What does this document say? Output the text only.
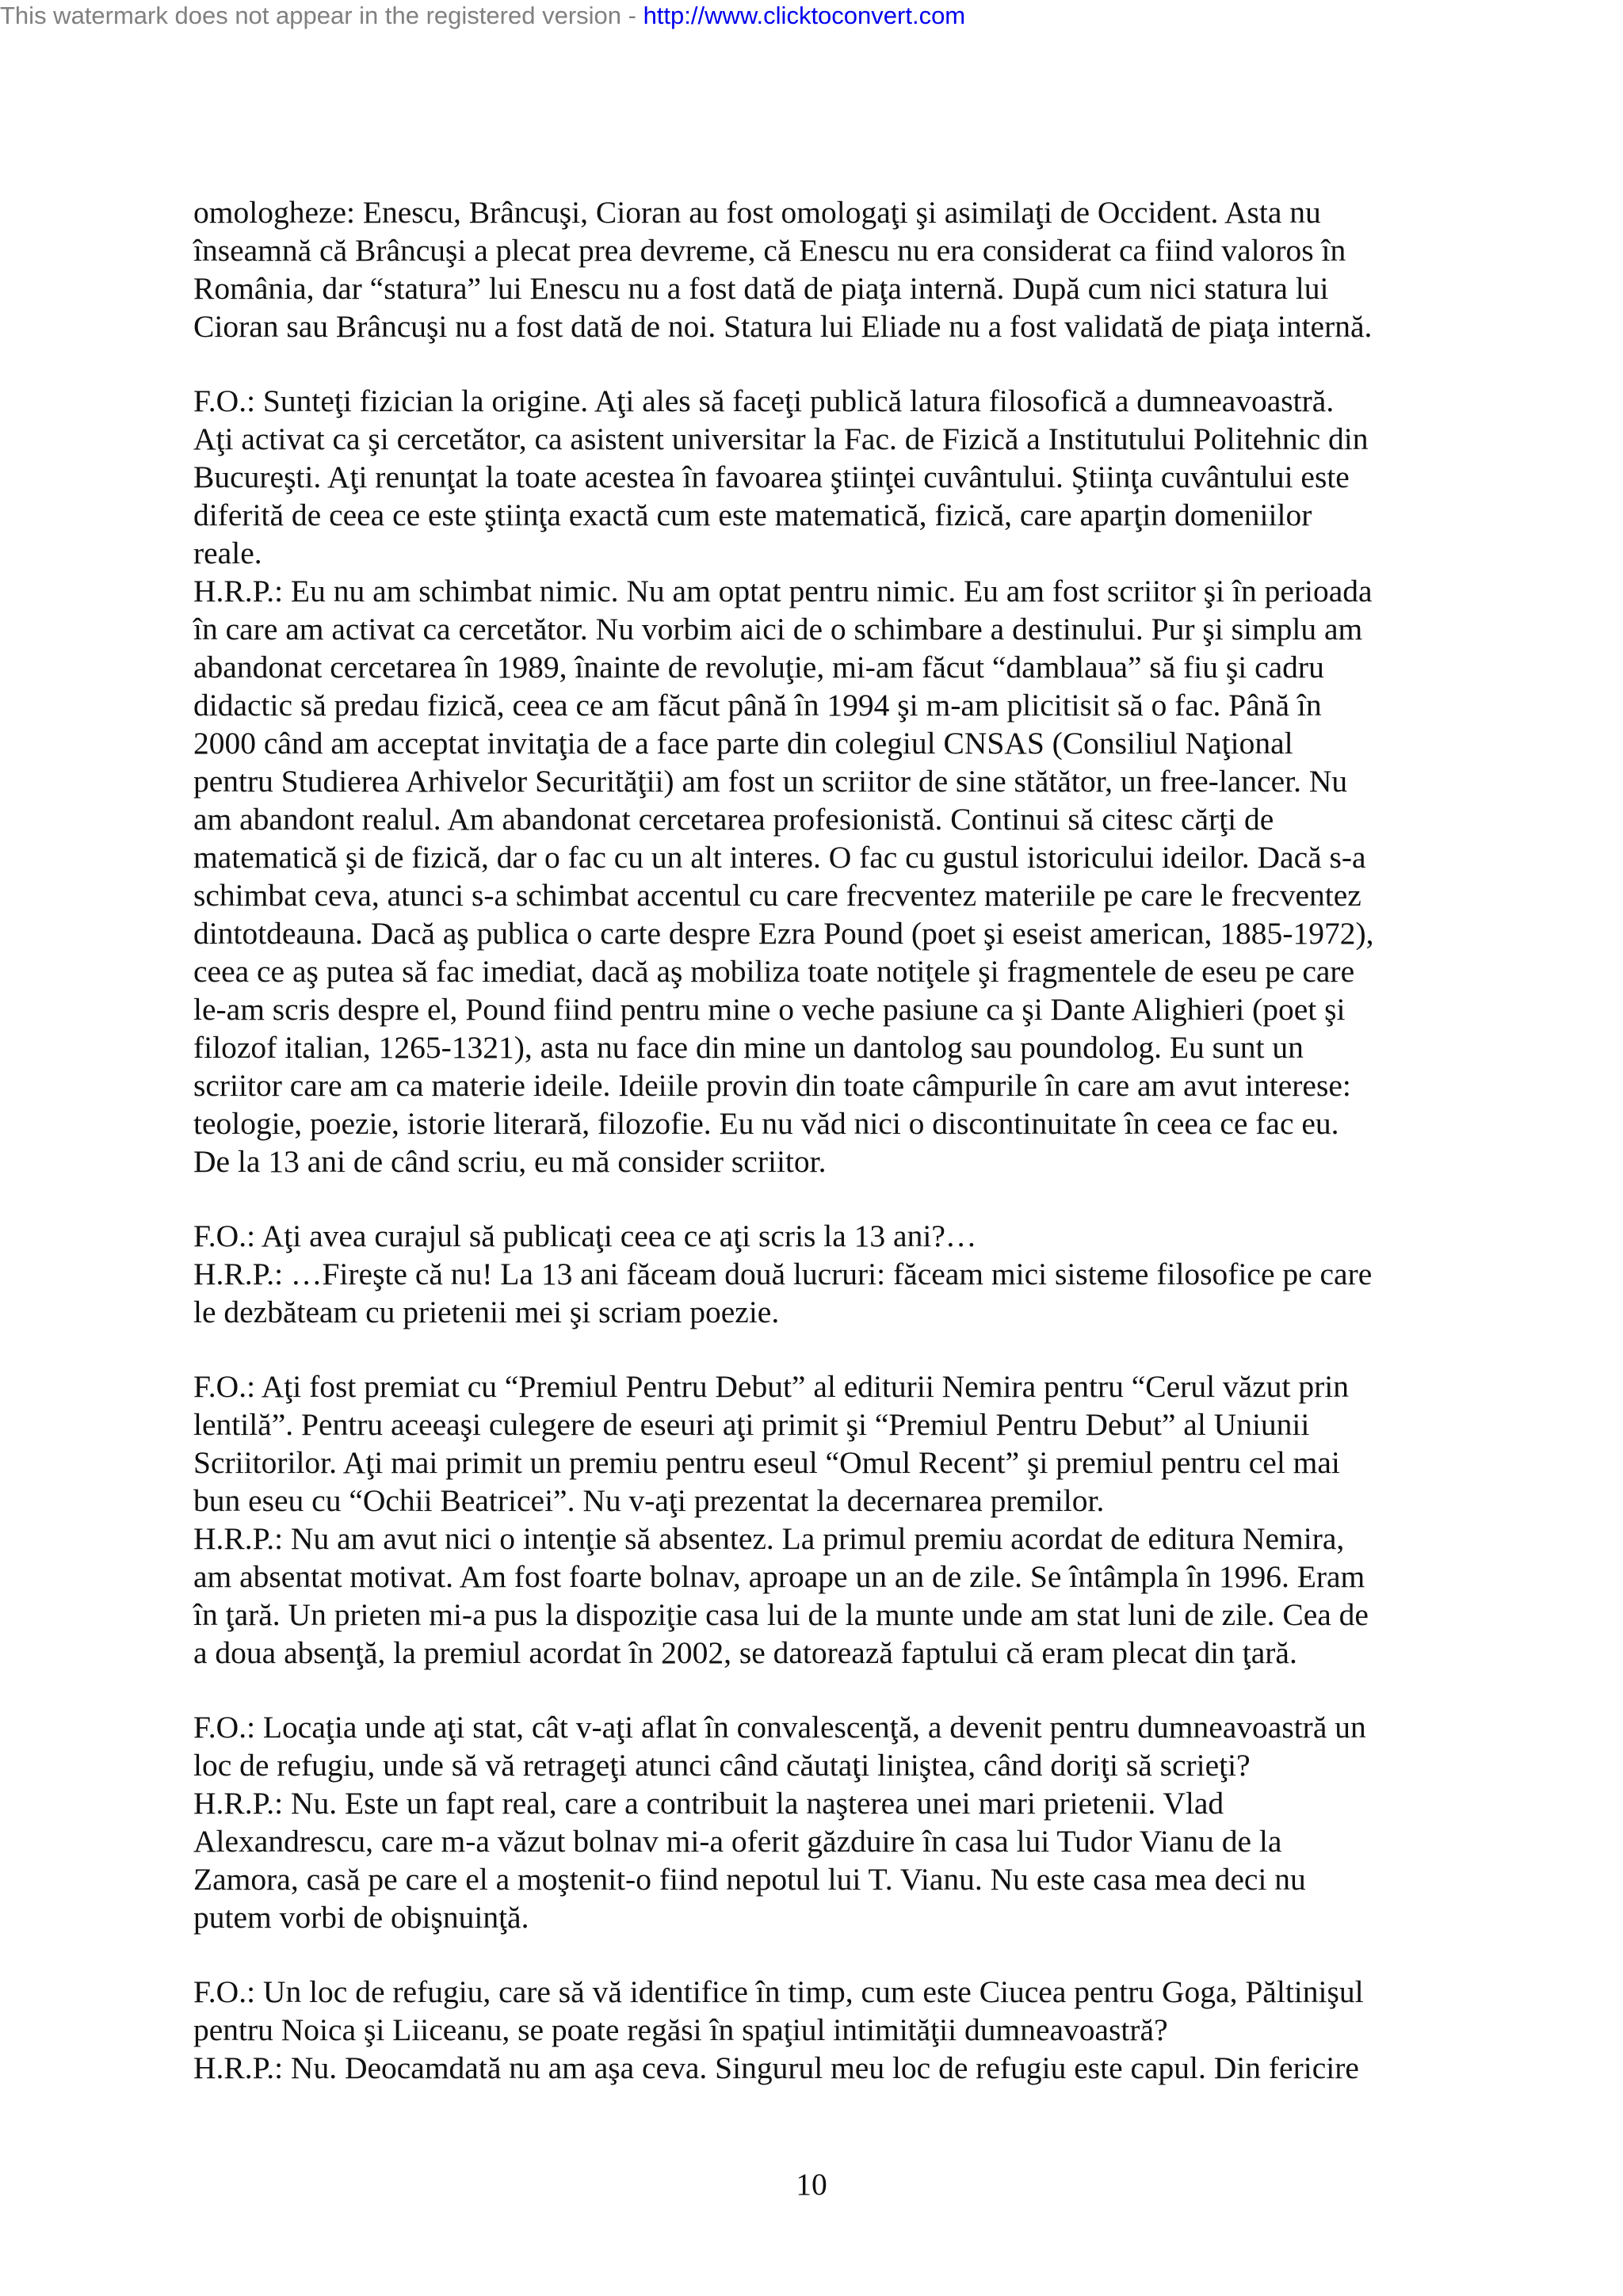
This watermark does not appear in the registered version - http://www.clicktoconvert.com
omologheze: Enescu, Brâncuşi, Cioran au fost omologaţi şi asimilaţi de Occident. Asta nu
înseamnă că Brâncuşi a plecat prea devreme, că Enescu nu era considerat ca fiind valoros în
România, dar “statura” lui Enescu nu a fost dată de piaţa internă. După cum nici statura lui
Cioran sau Brâncuşi nu a fost dată de noi. Statura lui Eliade nu a fost validată de piaţa internă.
F.O.: Sunteţi fizician la origine. Aţi ales să faceţi publică latura filosofică a dumneavoastră.
Aţi activat ca şi cercetător, ca asistent universitar la Fac. de Fizică a Institutului Politehnic din
Bucureşti. Aţi renunţat la toate acestea în favoarea ştiinţei cuvântului. Ştiinţa cuvântului este
diferită de ceea ce este ştiinţa exactă cum este matematică, fizică, care aparţin domeniilor
reale.
H.R.P.: Eu nu am schimbat nimic. Nu am optat pentru nimic. Eu am fost scriitor şi în perioada
în care am activat ca cercetător. Nu vorbim aici de o schimbare a destinului. Pur şi simplu am
abandonat cercetarea în 1989, înainte de revoluţie, mi-am făcut “damblaua” să fiu şi cadru
didactic să predau fizică, ceea ce am făcut până în 1994 şi m-am plicitisit să o fac. Până în
2000 când am acceptat invitaţia de a face parte din colegiul CNSAS (Consiliul Naţional
pentru Studierea Arhivelor Securităţii) am fost un scriitor de sine stătător, un free-lancer. Nu
am abandont realul. Am abandonat cercetarea profesionistă. Continui să citesc cărţi de
matematică şi de fizică, dar o fac cu un alt interes. O fac cu gustul istoricului ideilor. Dacă s-a
schimbat ceva, atunci s-a schimbat accentul cu care frecventez materiile pe care le frecventez
dintotdeauna. Dacă aş publica o carte despre Ezra Pound (poet şi eseist american, 1885-1972),
ceea ce aş putea să fac imediat, dacă aş mobiliza toate notiţele şi fragmentele de eseu pe care
le-am scris despre el, Pound fiind pentru mine o veche pasiune ca şi Dante Alighieri (poet şi
filozof italian, 1265-1321), asta nu face din mine un dantolog sau poundolog. Eu sunt un
scriitor care am ca materie ideile. Ideiile provin din toate câmpurile în care am avut interese:
teologie, poezie, istorie literară, filozofie. Eu nu văd nici o discontinuitate în ceea ce fac eu.
De la 13 ani de când scriu, eu mă consider scriitor.
F.O.: Aţi avea curajul să publicaţi ceea ce aţi scris la 13 ani?…
H.R.P.: …Fireşte că nu! La 13 ani făceam două lucruri: făceam mici sisteme filosofice pe care
le dezbăteam cu prietenii mei şi scriam poezie.
F.O.: Aţi fost premiat cu “Premiul Pentru Debut” al editurii Nemira pentru “Cerul văzut prin
lentilă”. Pentru aceeaşi culegere de eseuri aţi primit şi “Premiul Pentru Debut” al Uniunii
Scriitorilor. Aţi mai primit un premiu pentru eseul “Omul Recent” şi premiul pentru cel mai
bun eseu cu “Ochii Beatricei”. Nu v-aţi prezentat la decernarea premilor.
H.R.P.: Nu am avut nici o intenţie să absentez. La primul premiu acordat de editura Nemira,
am absentat motivat. Am fost foarte bolnav, aproape un an de zile. Se întâmpla în 1996. Eram
în ţară. Un prieten mi-a pus la dispoziţie casa lui de la munte unde am stat luni de zile. Cea de
a doua absenţă, la premiul acordat în 2002, se datorează faptului că eram plecat din ţară.
F.O.: Locaţia unde aţi stat, cât v-aţi aflat în convalescenţă, a devenit pentru dumneavoastră un
loc de refugiu, unde să vă retrageţi atunci când căutaţi liniştea, când doriţi să scrieţi?
H.R.P.: Nu. Este un fapt real, care a contribuit la naşterea unei mari prietenii. Vlad
Alexandrescu, care m-a văzut bolnav mi-a oferit găzduire în casa lui Tudor Vianu de la
Zamora, casă pe care el a moştenit-o fiind nepotul lui T. Vianu. Nu este casa mea deci nu
putem vorbi de obişnuinţă.
F.O.: Un loc de refugiu, care să vă identifice în timp, cum este Ciucea pentru Goga, Păltinişul
pentru Noica şi Liiceanu, se poate regăsi în spaţiul intimităţii dumneavoastră?
H.R.P.: Nu. Deocamdată nu am aşa ceva. Singurul meu loc de refugiu este capul. Din fericire
10
